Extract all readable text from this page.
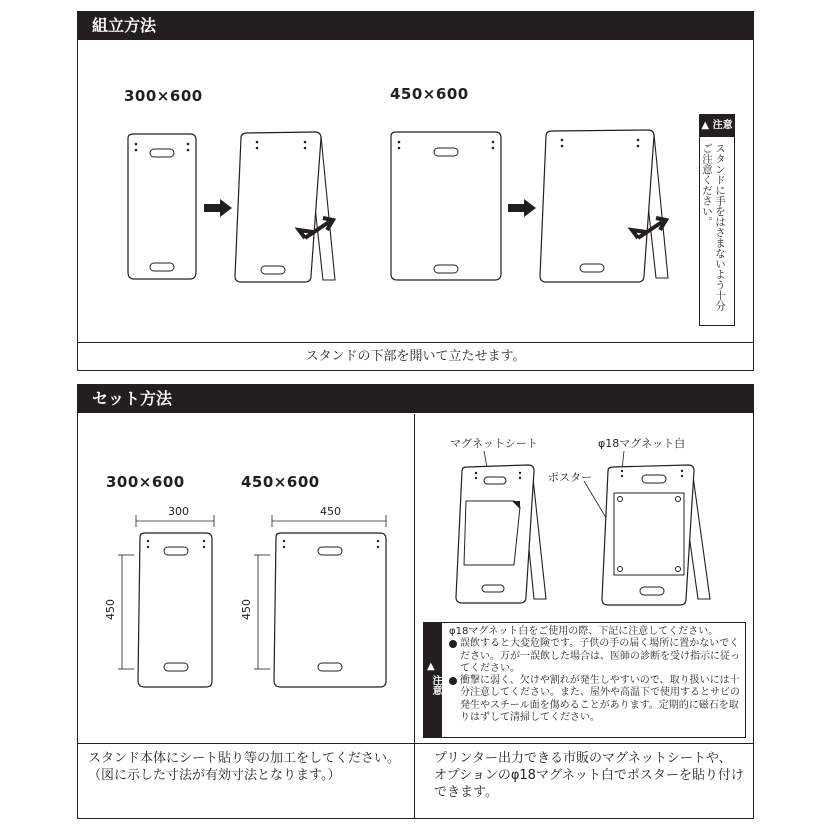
組立方法
300×600	450×600
▲ 注意
スタンドに手をはさまないよう十分ご注意ください。
スタンドの下部を開いて立たせます。
セット方法
300×600	450×600
300
450
450
450
マグネットシート	φ18マグネット白
ポスター
▲
注意
φ18マグネット白をご使用の際、下記に注意してください。
誤飲すると大変危険です。子供の手の届く場所に置かないでください。万が一誤飲した場合は、医師の診断を受け指示に従ってください。
衝撃に弱く、欠けや割れが発生しやすいので、取り扱いには十分注意してください。また、屋外や高温下で使用するとサビの発生やスチール面を傷めることがあります。定期的に磁石を取りはずして清掃してください。
スタンド本体にシート貼り等の加工をしてください。（図に示した寸法が有効寸法となります。）
プリンター出力できる市販のマグネットシートや、オプションのφ18マグネット白でポスターを貼り付けできます。
